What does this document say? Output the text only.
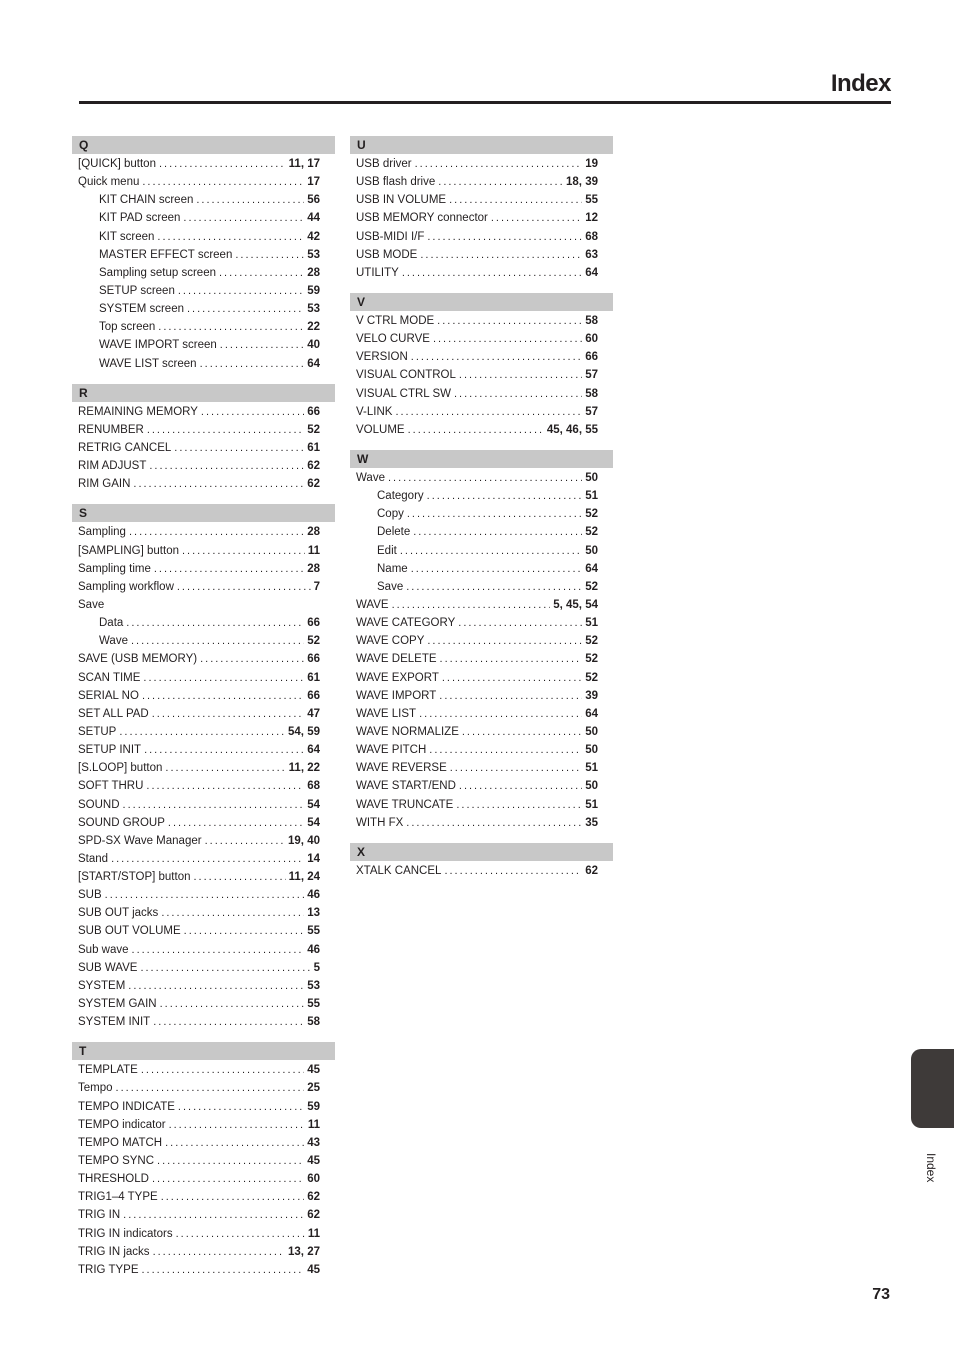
Index
Q
[QUICK] button .....	11, 17
Quick menu .....	17
KIT CHAIN screen .....	56
KIT PAD screen .....	44
KIT screen .....	42
MASTER EFFECT screen .....	53
Sampling setup screen .....	28
SETUP screen .....	59
SYSTEM screen .....	53
Top screen .....	22
WAVE IMPORT screen .....	40
WAVE LIST screen .....	64
R
REMAINING MEMORY .....	66
RENUMBER .....	52
RETRIG CANCEL .....	61
RIM ADJUST .....	62
RIM GAIN .....	62
S
Sampling .....	28
[SAMPLING] button .....	11
Sampling time .....	28
Sampling workflow .....	7
Save
Data .....	66
Wave .....	52
SAVE (USB MEMORY) .....	66
SCAN TIME .....	61
SERIAL NO .....	66
SET ALL PAD .....	47
SETUP .....	54, 59
SETUP INIT .....	64
[S.LOOP] button .....	11, 22
SOFT THRU .....	68
SOUND .....	54
SOUND GROUP .....	54
SPD-SX Wave Manager .....	19, 40
Stand .....	14
[START/STOP] button .....	11, 24
SUB .....	46
SUB OUT jacks .....	13
SUB OUT VOLUME .....	55
Sub wave .....	46
SUB WAVE .....	5
SYSTEM .....	53
SYSTEM GAIN .....	55
SYSTEM INIT .....	58
T
TEMPLATE .....	45
Tempo .....	25
TEMPO INDICATE .....	59
TEMPO indicator .....	11
TEMPO MATCH .....	43
TEMPO SYNC .....	45
THRESHOLD .....	60
TRIG1–4 TYPE .....	62
TRIG IN .....	62
TRIG IN indicators .....	11
TRIG IN jacks .....	13, 27
TRIG TYPE .....	45
U
USB driver .....	19
USB flash drive .....	18, 39
USB IN VOLUME .....	55
USB MEMORY connector .....	12
USB-MIDI I/F .....	68
USB MODE .....	63
UTILITY .....	64
V
V CTRL MODE .....	58
VELO CURVE .....	60
VERSION .....	66
VISUAL CONTROL .....	57
VISUAL CTRL SW .....	58
V-LINK .....	57
VOLUME .....	45, 46, 55
W
Wave .....	50
Category .....	51
Copy .....	52
Delete .....	52
Edit .....	50
Name .....	64
Save .....	52
WAVE .....	5, 45, 54
WAVE CATEGORY .....	51
WAVE COPY .....	52
WAVE DELETE .....	52
WAVE EXPORT .....	52
WAVE IMPORT .....	39
WAVE LIST .....	64
WAVE NORMALIZE .....	50
WAVE PITCH .....	50
WAVE REVERSE .....	51
WAVE START/END .....	50
WAVE TRUNCATE .....	51
WITH FX .....	35
X
XTALK CANCEL .....	62
Index
73
